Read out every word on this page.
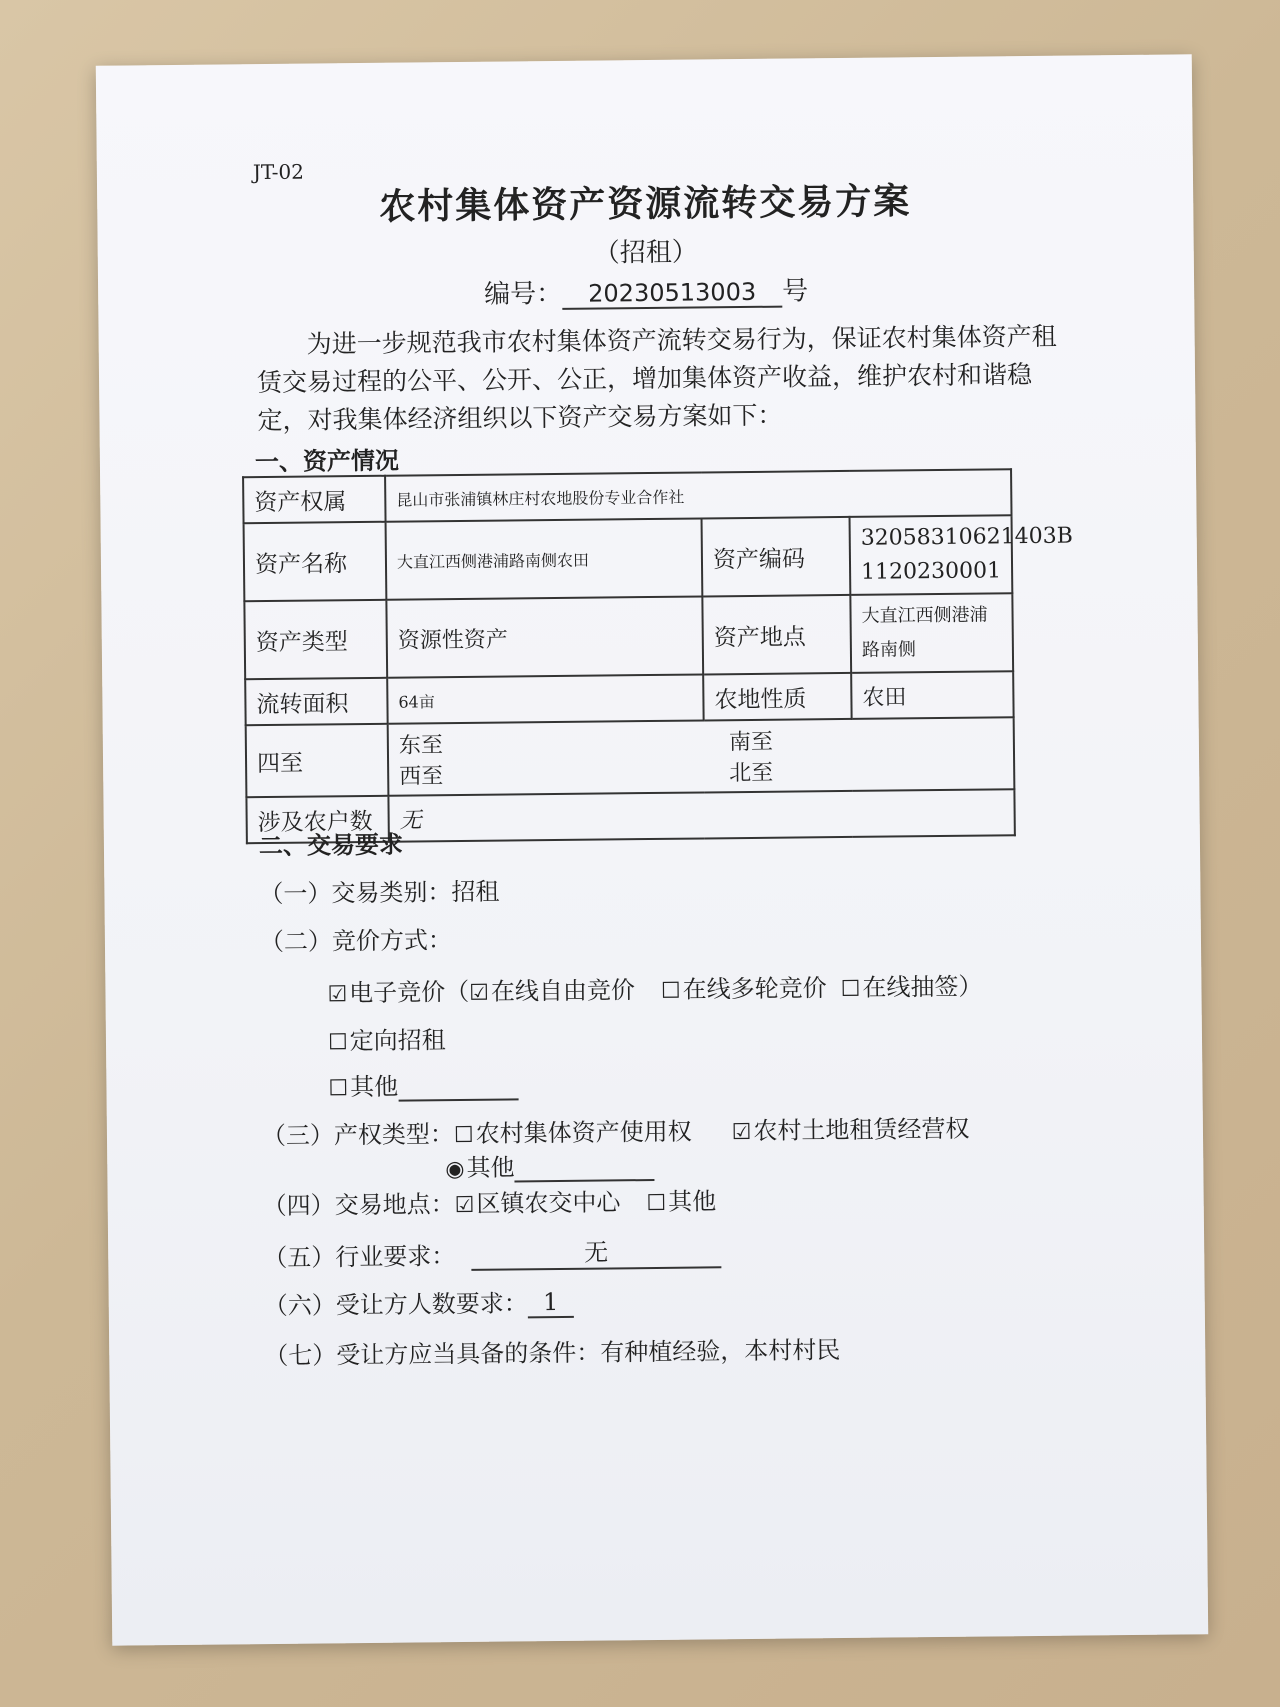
JT-02
农村集体资产资源流转交易方案
（招租）
编号： 20230513003 号
为进一步规范我市农村集体资产流转交易行为，保证农村集体资产租赁交易过程的公平、公开、公正，增加集体资产收益，维护农村和谐稳定，对我集体经济组织以下资产交易方案如下：
一、资产情况
资产权属	昆山市张浦镇林庄村农地股份专业合作社		
资产名称	大直江西侧港浦路南侧农田	资产编码	32058310621403B
1120230001

资产类型	资源性资产	资产地点	大直江西侧港浦
路南侧

流转面积	64亩	农地性质	农田
四至	东至 南至
西至 北至		

涉及农户数	无		
二、交易要求
（一）交易类别：招租
（二）竞价方式：
☑电子竞价（☑在线自由竞价 ☐在线多轮竞价 ☐在线抽签）
☐定向招租
☐其他
（三）产权类型：☐农村集体资产使用权 ☑农村土地租赁经营权
◉其他
（四）交易地点：☑区镇农交中心 ☐其他
（五）行业要求：	无
（六）受让方人数要求： 1
（七）受让方应当具备的条件：有种植经验，本村村民
